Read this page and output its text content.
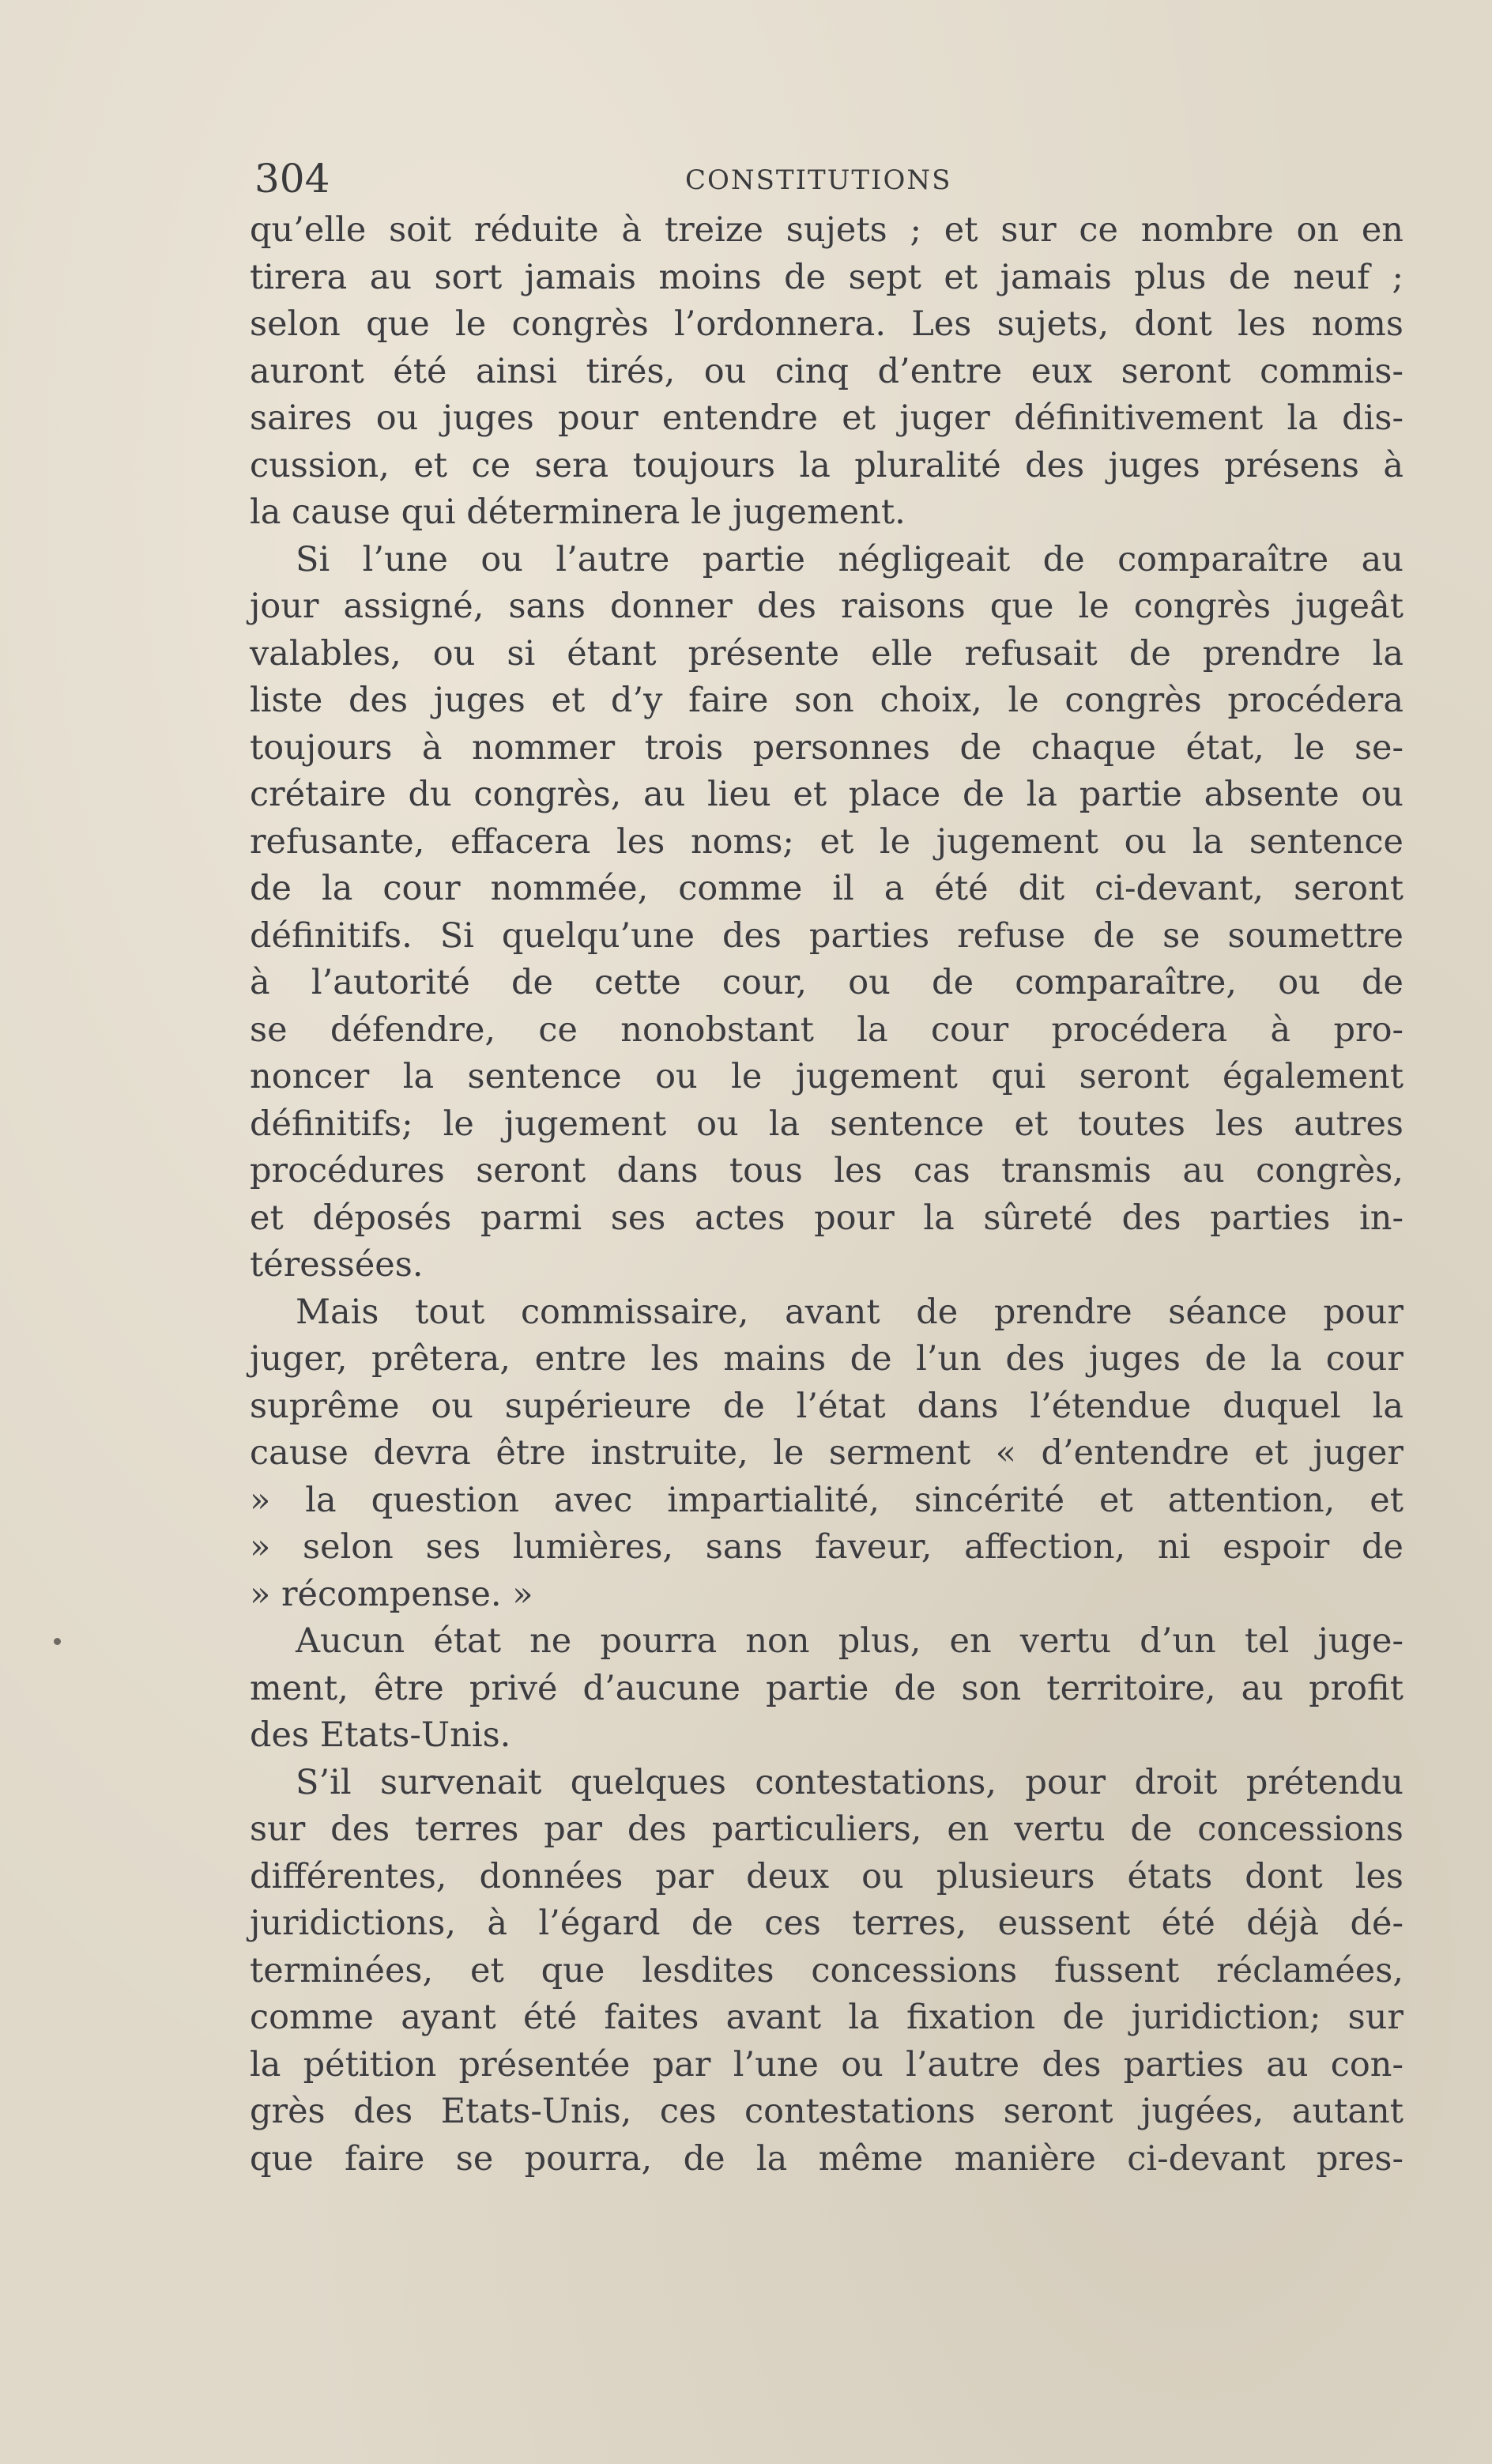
304	CONSTITUTIONS
qu’elle soit réduite à treize sujets ; et sur ce nombre on en
tirera au sort jamais moins de sept et jamais plus de neuf ;
selon que le congrès l’ordonnera. Les sujets, dont les noms
auront été ainsi tirés, ou cinq d’entre eux seront commis-
saires ou juges pour entendre et juger définitivement la dis-
cussion, et ce sera toujours la pluralité des juges présens à
la cause qui déterminera le jugement.
Si l’une ou l’autre partie négligeait de comparaître au
jour assigné, sans donner des raisons que le congrès jugeât
valables, ou si étant présente elle refusait de prendre la
liste des juges et d’y faire son choix, le congrès procédera
toujours à nommer trois personnes de chaque état, le se-
crétaire du congrès, au lieu et place de la partie absente ou
refusante, effacera les noms; et le jugement ou la sentence
de la cour nommée, comme il a été dit ci-devant, seront
définitifs. Si quelqu’une des parties refuse de se soumettre
à l’autorité de cette cour, ou de comparaître, ou de
se défendre, ce nonobstant la cour procédera à pro-
noncer la sentence ou le jugement qui seront également
définitifs; le jugement ou la sentence et toutes les autres
procédures seront dans tous les cas transmis au congrès,
et déposés parmi ses actes pour la sûreté des parties in-
téressées.
Mais tout commissaire, avant de prendre séance pour
juger, prêtera, entre les mains de l’un des juges de la cour
suprême ou supérieure de l’état dans l’étendue duquel la
cause devra être instruite, le serment « d’entendre et juger
» la question avec impartialité, sincérité et attention, et
» selon ses lumières, sans faveur, affection, ni espoir de
» récompense. »
Aucun état ne pourra non plus, en vertu d’un tel juge-
ment, être privé d’aucune partie de son territoire, au profit
des Etats-Unis.
S’il survenait quelques contestations, pour droit prétendu
sur des terres par des particuliers, en vertu de concessions
différentes, données par deux ou plusieurs états dont les
juridictions, à l’égard de ces terres, eussent été déjà dé-
terminées, et que lesdites concessions fussent réclamées,
comme ayant été faites avant la fixation de juridiction; sur
la pétition présentée par l’une ou l’autre des parties au con-
grès des Etats-Unis, ces contestations seront jugées, autant
que faire se pourra, de la même manière ci-devant pres-
